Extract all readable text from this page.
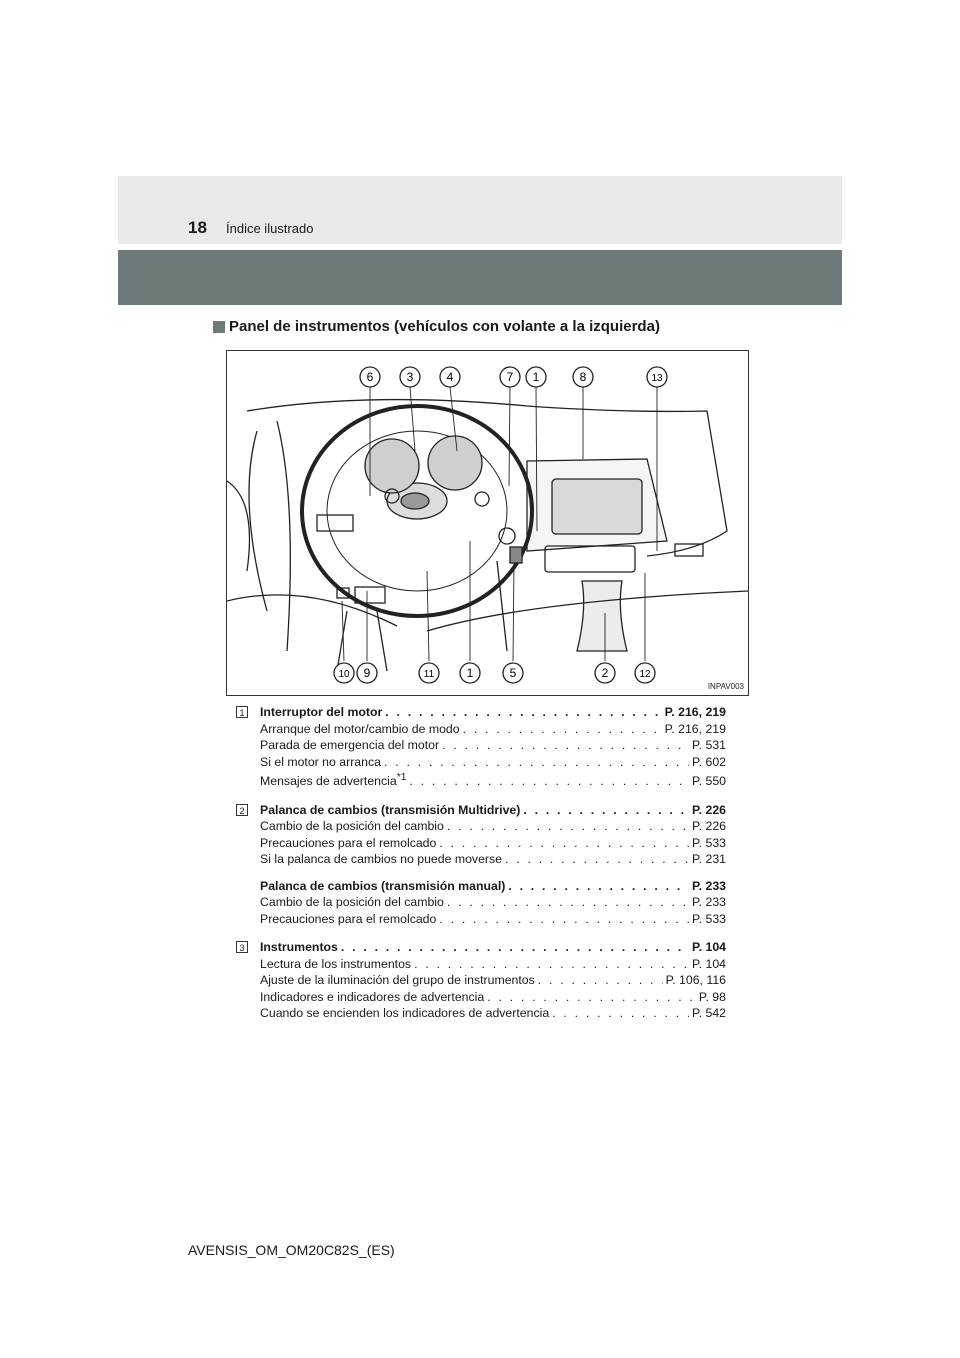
18 Índice ilustrado
Panel de instrumentos (vehículos con volante a la izquierda)
6	3	4	7 1	8	13
10 9	11	1	5	2	12
INPAV003
1 Interruptor del motor . . .	P. 216, 219
Arranque del motor/cambio de modo . . .	P. 216, 219
Parada de emergencia del motor . . .	P. 531
Si el motor no arranca . . .	P. 602
Mensajes de advertencia$^{*1}$ . . .	P. 550
2 Palanca de cambios (transmisión Multidrive) . . .	P. 226
Cambio de la posición del cambio . . .	P. 226
Precauciones para el remolcado . . .	P. 533
Si la palanca de cambios no puede moverse . . .	P. 231
Palanca de cambios (transmisión manual) . . .	P. 233
Cambio de la posición del cambio . . .	P. 233
Precauciones para el remolcado . . .	P. 533
3 Instrumentos . . .	P. 104
Lectura de los instrumentos . . .	P. 104
Ajuste de la iluminación del grupo de instrumentos . . .	P. 106, 116
Indicadores e indicadores de advertencia . . .	P. 98
Cuando se encienden los indicadores de advertencia . . .	P. 542
AVENSIS_OM_OM20C82S_(ES)
